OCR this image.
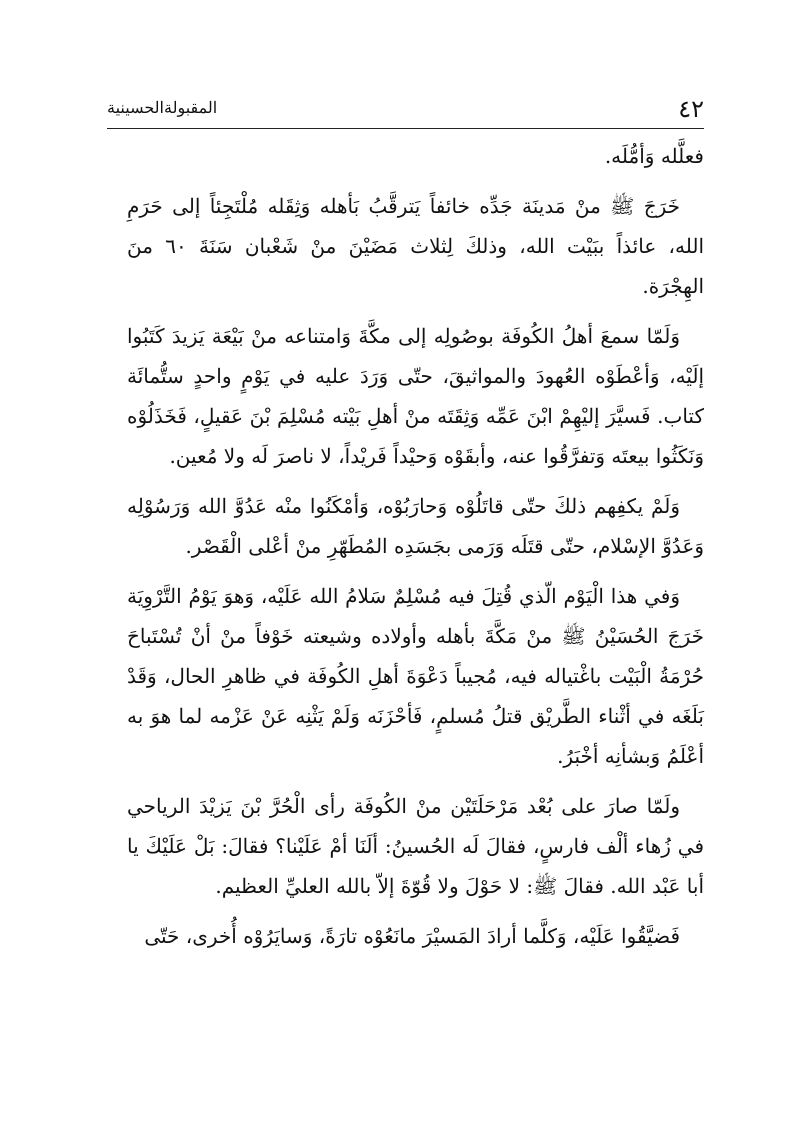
٤٢
المقبولةالحسينية

فعلَّله وَأمُّلَه.

خَرَجَ ﷺ منْ مَدينَة جَدِّه خائفاً يَترقَّبُ بَأهله وَثِقَله مُلْتَجِئاً إلى حَرَمِ الله، عائذاً ببَيْت الله، وذلكَ لِثلاث مَضَيْنَ منْ شَعْبان سَنَةَ ٦٠ منَ الهِجْرَة.

وَلَمّا سمعَ أهلُ الكُوفَة بوصُولِه إلى مكَّةَ وَامتناعه منْ بَيْعَة يَزيدَ كَتَبُوا إلَيْه، وَأعْطَوْه العُهودَ والمواثيقَ، حتّى وَرَدَ عليه في يَوْمٍ واحدٍ ستُّمائَة كتاب. فَسيَّرَ إليْهِمْ ابْنَ عَمِّه وَثِقَتَه منْ أهلِ بَيْته مُسْلِمَ بْنَ عَقيلٍ، فَخَذَلُوْه وَنَكَثُوا بيعتَه وَتفرَّقُوا عنه، وأبقَوْه وَحيْداً فَريْداً، لا ناصرَ لَه ولا مُعين.

وَلَمْ يكفِهم ذلكَ حتّى قاتَلُوْه وَحارَبُوْه، وَأمْكَنُوا منْه عَدُوَّ الله وَرَسُوْلِه وَعَدُوَّ الإسْلام، حتّى قتَلَه وَرَمى بجَسَدِه المُطَهّرِ منْ أعْلى الْقَصْر.

وَفي هذا الْيَوْم الّذي قُتِلَ فيه مُسْلِمٌ سَلامُ الله عَلَيْه، وَهوَ يَوْمُ التَّرْوِيَة خَرَجَ الحُسَيْنُ ﷺ منْ مَكَّةَ بأهله وأولاده وشيعته خَوْفاً منْ أنْ تُسْتَباحَ حُرْمَةُ الْبَيْت باغْتياله فيه، مُجيباً دَعْوَةَ أهلِ الكُوفَة في ظاهرِ الحال، وَقَدْ بَلَغَه في أثْناء الطَّريْق قتلُ مُسلمٍ، فَأحْزَنَه وَلَمْ يَثْنِه عَنْ عَزْمه لما هوَ به أعْلَمُ وَبشأنِه أخْبَرُ.

ولَمّا صارَ على بُعْد مَرْحَلَتَيْن منْ الكُوفَة رأى الْحُرَّ بْنَ يَزيْدَ الرياحي في زُهاء ألْف فارسٍ، فقالَ لَه الحُسينُ: ألَنَا أمْ عَلَيْنا؟ فقالَ: بَلْ عَلَيْكَ يا أبا عَبْد الله. فقالَ ﷺ: لا حَوْلَ ولا قُوّةَ إلاّ بالله العليِّ العظيم.

فَضيَّقُوا عَلَيْه، وَكلَّما أرادَ المَسيْرَ مانَعُوْه تارَةً، وَسايَرُوْه أُخرى، حَتّى
